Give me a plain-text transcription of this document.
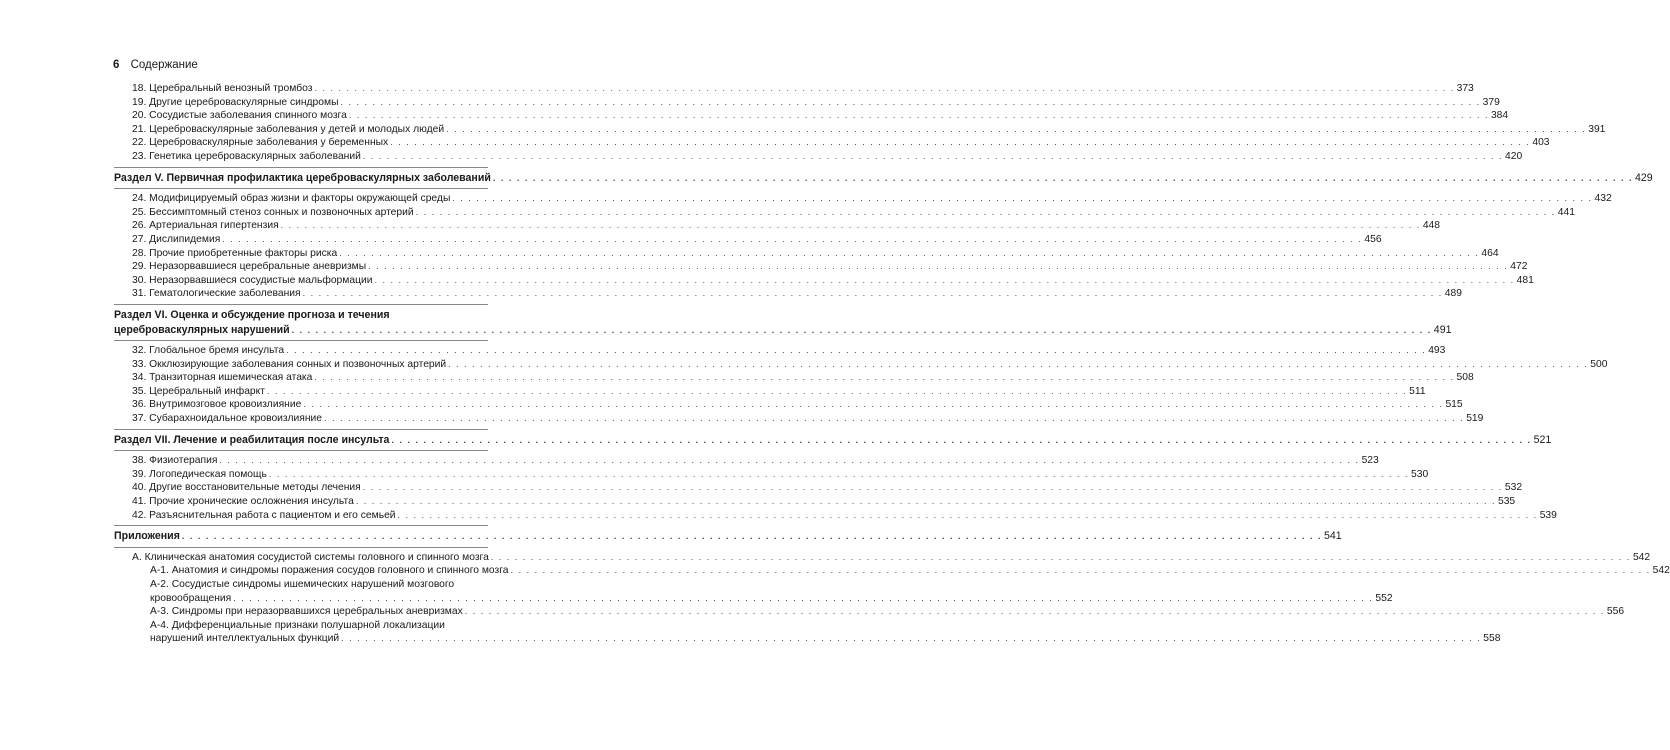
6 Содержание
18. Церебральный венозный тромбоз . . .	373
19. Другие цереброваскулярные синдромы . . .	379
20. Сосудистые заболевания спинного мозга . . .	384
21. Цереброваскулярные заболевания у детей и молодых людей . . .	391
22. Цереброваскулярные заболевания у беременных . . .	403
23. Генетика цереброваскулярных заболеваний . . .	420
Раздел V. Первичная профилактика цереброваскулярных заболеваний . . .	429
24. Модифицируемый образ жизни и факторы окружающей среды . . .	432
25. Бессимптомный стеноз сонных и позвоночных артерий . . .	441
26. Артериальная гипертензия . . .	448
27. Дислипидемия . . .	456
28. Прочие приобретенные факторы риска . . .	464
29. Неразорвавшиеся церебральные аневризмы . . .	472
30. Неразорвавшиеся сосудистые мальформации . . .	481
31. Гематологические заболевания . . .	489
Раздел VI. Оценка и обсуждение прогноза и течения
цереброваскулярных нарушений . . .	491
32. Глобальное бремя инсульта . . .	493
33. Окклюзирующие заболевания сонных и позвоночных артерий . . .	500
34. Транзиторная ишемическая атака . . .	508
35. Церебральный инфаркт . . .	511
36. Внутримозговое кровоизлияние . . .	515
37. Субарахноидальное кровоизлияние . . .	519
Раздел VII. Лечение и реабилитация после инсульта . . .	521
38. Физиотерапия . . .	523
39. Логопедическая помощь . . .	530
40. Другие восстановительные методы лечения . . .	532
41. Прочие хронические осложнения инсульта . . .	535
42. Разъяснительная работа с пациентом и его семьей . . .	539
Приложения . . .	541
А. Клиническая анатомия сосудистой системы головного и спинного мозга . . .	542
А-1. Анатомия и синдромы поражения сосудов головного и спинного мозга . . .	542
А-2. Сосудистые синдромы ишемических нарушений мозгового
кровообращения . . .	552
А-3. Синдромы при неразорвавшихся церебральных аневризмах . . .	556
А-4. Дифференциальные признаки полушарной локализации
нарушений интеллектуальных функций . . .	558
